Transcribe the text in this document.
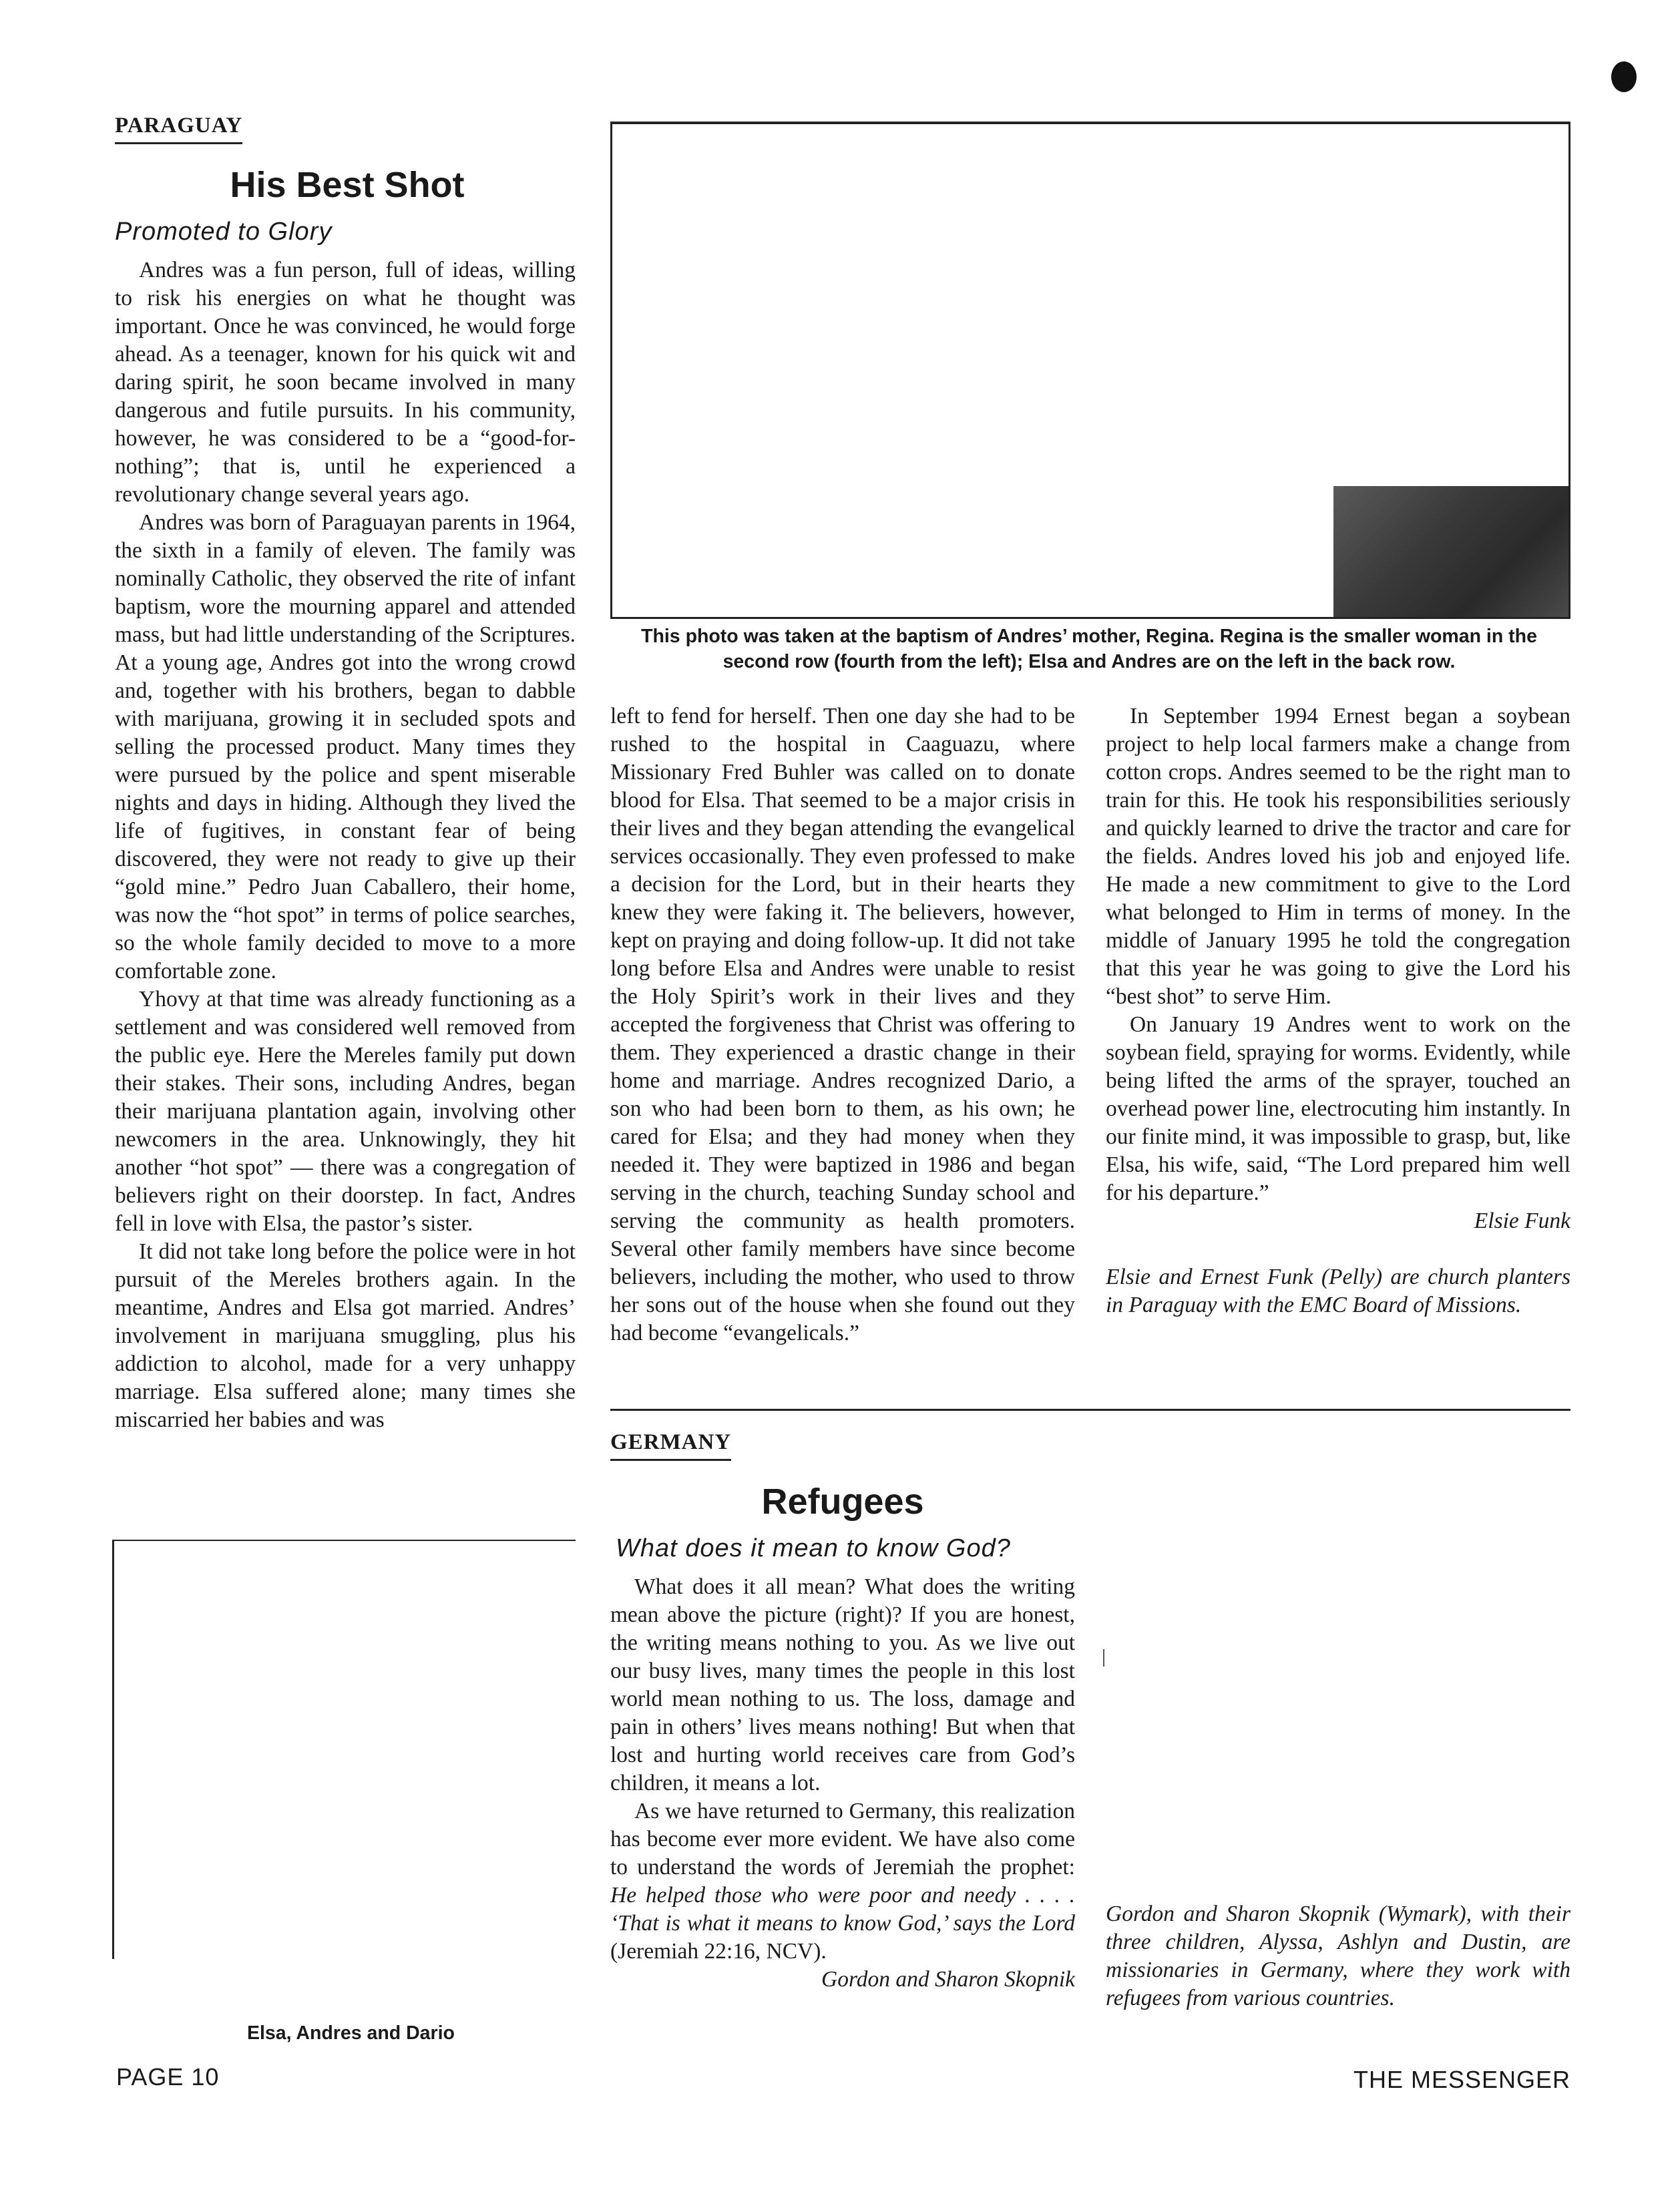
PARAGUAY
His Best Shot
Promoted to Glory

Andres was a fun person, full of ideas, willing to risk his energies on what he thought was important. Once he was convinced, he would forge ahead. As a teenager, known for his quick wit and daring spirit, he soon became involved in many dangerous and futile pursuits. In his community, however, he was considered to be a “good-for-nothing”; that is, until he experienced a revolutionary change several years ago.

Andres was born of Paraguayan parents in 1964, the sixth in a family of eleven. The family was nominally Catholic, they observed the rite of infant baptism, wore the mourning apparel and attended mass, but had little understanding of the Scriptures. At a young age, Andres got into the wrong crowd and, together with his brothers, began to dabble with marijuana, growing it in secluded spots and selling the processed product. Many times they were pursued by the police and spent miserable nights and days in hiding. Although they lived the life of fugitives, in constant fear of being discovered, they were not ready to give up their “gold mine.” Pedro Juan Caballero, their home, was now the “hot spot” in terms of police searches, so the whole family decided to move to a more comfortable zone.

Yhovy at that time was already functioning as a settlement and was considered well removed from the public eye. Here the Mereles family put down their stakes. Their sons, including Andres, began their marijuana plantation again, involving other newcomers in the area. Unknowingly, they hit another “hot spot” — there was a congregation of believers right on their doorstep. In fact, Andres fell in love with Elsa, the pastor’s sister.

It did not take long before the police were in hot pursuit of the Mereles brothers again. In the meantime, Andres and Elsa got married. Andres’ involvement in marijuana smuggling, plus his addiction to alcohol, made for a very unhappy marriage. Elsa suffered alone; many times she miscarried her babies and was

This photo was taken at the baptism of Andres’ mother, Regina. Regina is the smaller woman in the second row (fourth from the left); Elsa and Andres are on the left in the back row.

left to fend for herself. Then one day she had to be rushed to the hospital in Caaguazu, where Missionary Fred Buhler was called on to donate blood for Elsa. That seemed to be a major crisis in their lives and they began attending the evangelical services occasionally. They even professed to make a decision for the Lord, but in their hearts they knew they were faking it. The believers, however, kept on praying and doing follow-up. It did not take long before Elsa and Andres were unable to resist the Holy Spirit’s work in their lives and they accepted the forgiveness that Christ was offering to them. They experienced a drastic change in their home and marriage. Andres recognized Dario, a son who had been born to them, as his own; he cared for Elsa; and they had money when they needed it. They were baptized in 1986 and began serving in the church, teaching Sunday school and serving the community as health promoters. Several other family members have since become believers, including the mother, who used to throw her sons out of the house when she found out they had become “evangelicals.”

In September 1994 Ernest began a soybean project to help local farmers make a change from cotton crops. Andres seemed to be the right man to train for this. He took his responsibilities seriously and quickly learned to drive the tractor and care for the fields. Andres loved his job and enjoyed life. He made a new commitment to give to the Lord what belonged to Him in terms of money. In the middle of January 1995 he told the congregation that this year he was going to give the Lord his “best shot” to serve Him.

On January 19 Andres went to work on the soybean field, spraying for worms. Evidently, while being lifted the arms of the sprayer, touched an overhead power line, electrocuting him instantly. In our finite mind, it was impossible to grasp, but, like Elsa, his wife, said, “The Lord prepared him well for his departure.”

Elsie Funk

Elsie and Ernest Funk (Pelly) are church planters in Paraguay with the EMC Board of Missions.

Elsa, Andres and Dario
GERMANY
Refugees
What does it mean to know God?

What does it all mean? What does the writing mean above the picture (right)? If you are honest, the writing means nothing to you. As we live out our busy lives, many times the people in this lost world mean nothing to us. The loss, damage and pain in others’ lives means nothing! But when that lost and hurting world receives care from God’s children, it means a lot.

As we have returned to Germany, this realization has become ever more evident. We have also come to understand the words of Jeremiah the prophet: He helped those who were poor and needy . . . . ‘That is what it means to know God,’ says the Lord (Jeremiah 22:16, NCV).

Gordon and Sharon Skopnik

Gordon and Sharon Skopnik (Wymark), with their three children, Alyssa, Ashlyn and Dustin, are missionaries in Germany, where they work with refugees from various countries.

PAGE 10	THE MESSENGER
